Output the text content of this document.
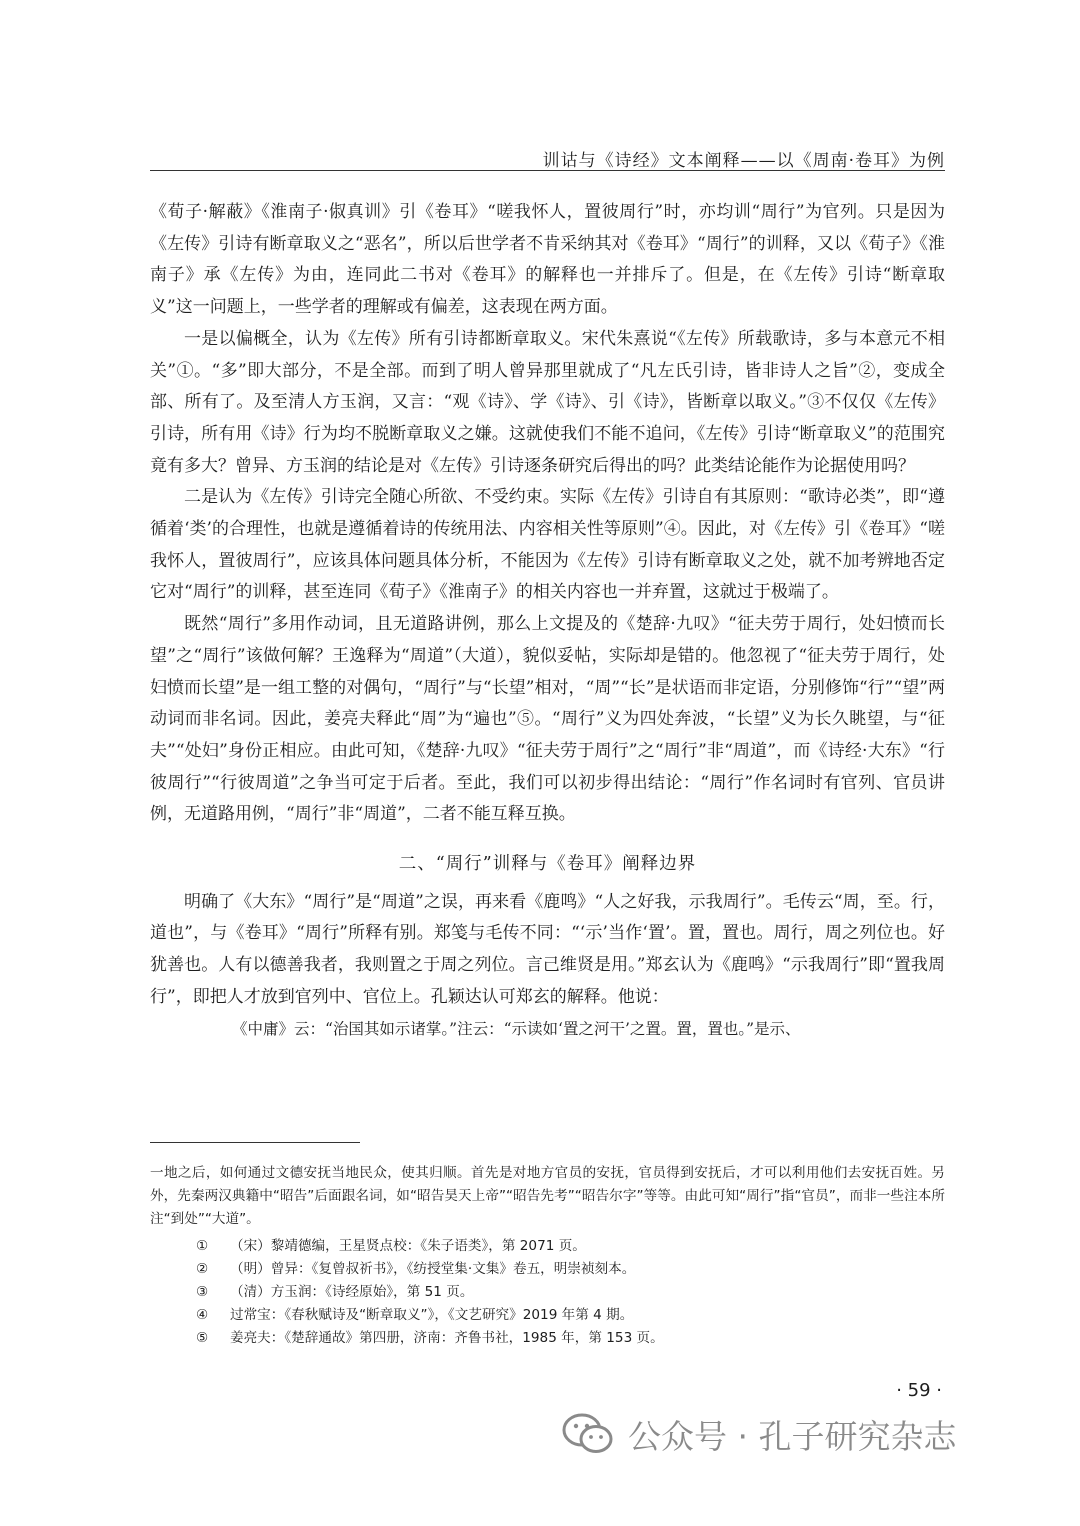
训诂与《诗经》文本阐释——以《周南·卷耳》为例

《荀子·解蔽》《淮南子·俶真训》引《卷耳》“嗟我怀人，置彼周行”时，亦均训“周行”为官列。只是因为《左传》引诗有断章取义之“恶名”，所以后世学者不肯采纳其对《卷耳》“周行”的训释，又以《荀子》《淮南子》承《左传》为由，连同此二书对《卷耳》的解释也一并排斥了。但是，在《左传》引诗“断章取义”这一问题上，一些学者的理解或有偏差，这表现在两方面。

一是以偏概全，认为《左传》所有引诗都断章取义。宋代朱熹说“《左传》所载歌诗，多与本意元不相关”①。“多”即大部分，不是全部。而到了明人曾异那里就成了“凡左氏引诗，皆非诗人之旨”②，变成全部、所有了。及至清人方玉润，又言：“观《诗》、学《诗》、引《诗》，皆断章以取义。”③不仅仅《左传》引诗，所有用《诗》行为均不脱断章取义之嫌。这就使我们不能不追问，《左传》引诗“断章取义”的范围究竟有多大？曾异、方玉润的结论是对《左传》引诗逐条研究后得出的吗？此类结论能作为论据使用吗？

二是认为《左传》引诗完全随心所欲、不受约束。实际《左传》引诗自有其原则：“歌诗必类”，即“遵循着‘类’的合理性，也就是遵循着诗的传统用法、内容相关性等原则”④。因此，对《左传》引《卷耳》“嗟我怀人，置彼周行”，应该具体问题具体分析，不能因为《左传》引诗有断章取义之处，就不加考辨地否定它对“周行”的训释，甚至连同《荀子》《淮南子》的相关内容也一并弃置，这就过于极端了。

既然“周行”多用作动词，且无道路讲例，那么上文提及的《楚辞·九叹》“征夫劳于周行，处妇愤而长望”之“周行”该做何解？王逸释为“周道”（大道），貌似妥帖，实际却是错的。他忽视了“征夫劳于周行，处妇愤而长望”是一组工整的对偶句，“周行”与“长望”相对，“周”“长”是状语而非定语，分别修饰“行”“望”两动词而非名词。因此，姜亮夫释此“周”为“遍也”⑤。“周行”义为四处奔波，“长望”义为长久眺望，与“征夫”“处妇”身份正相应。由此可知，《楚辞·九叹》“征夫劳于周行”之“周行”非“周道”，而《诗经·大东》“行彼周行”“行彼周道”之争当可定于后者。至此，我们可以初步得出结论：“周行”作名词时有官列、官员讲例，无道路用例，“周行”非“周道”，二者不能互释互换。

二、“周行”训释与《卷耳》阐释边界

明确了《大东》“周行”是“周道”之误，再来看《鹿鸣》“人之好我，示我周行”。毛传云“周，至。行，道也”，与《卷耳》“周行”所释有别。郑笺与毛传不同：“‘示’当作‘置’。置，置也。周行，周之列位也。好犹善也。人有以德善我者，我则置之于周之列位。言己维贤是用。”郑玄认为《鹿鸣》“示我周行”即“置我周行”，即把人才放到官列中、官位上。孔颖达认可郑玄的解释。他说：

《中庸》云：“治国其如示诸掌。”注云：“示读如‘置之河干’之置。置，置也。”是示、

一地之后，如何通过文德安抚当地民众，使其归顺。首先是对地方官员的安抚，官员得到安抚后，才可以利用他们去安抚百姓。另外，先秦两汉典籍中“昭告”后面跟名词，如“昭告昊天上帝”“昭告先考”“昭告尔字”等等。由此可知“周行”指“官员”，而非一些注本所注“到处”“大道”。
①	（宋）黎靖德编，王星贤点校：《朱子语类》，第 2071 页。
②	（明）曾异：《复曾叔祈书》，《纺授堂集·文集》卷五，明崇祯刻本。
③	（清）方玉润：《诗经原始》，第 51 页。
④	过常宝：《春秋赋诗及“断章取义”》，《文艺研究》2019 年第 4 期。
⑤	姜亮夫：《楚辞通故》第四册，济南：齐鲁书社，1985 年，第 153 页。
· 59 ·
公众号 · 孔子研究杂志
